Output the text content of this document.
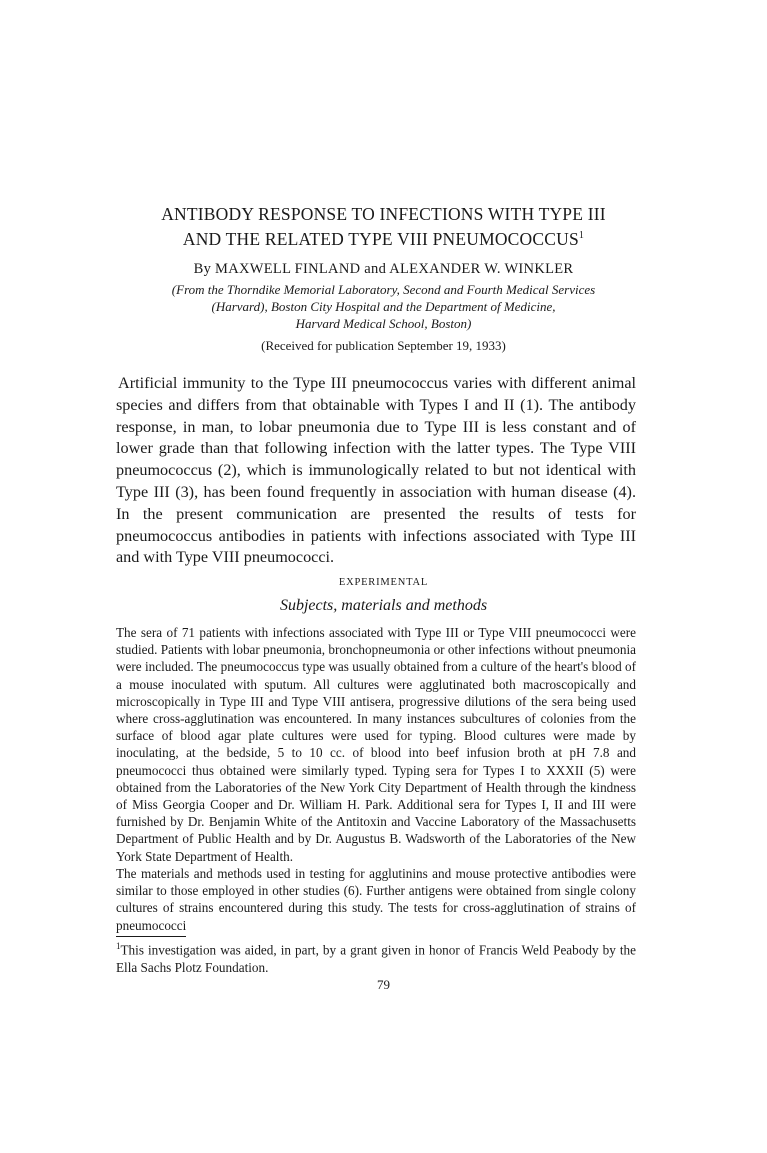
ANTIBODY RESPONSE TO INFECTIONS WITH TYPE III
AND THE RELATED TYPE VIII PNEUMOCOCCUS$^1$
By MAXWELL FINLAND and ALEXANDER W. WINKLER
(From the Thorndike Memorial Laboratory, Second and Fourth Medical Services
(Harvard), Boston City Hospital and the Department of Medicine,
Harvard Medical School, Boston)
(Received for publication September 19, 1933)

Artificial immunity to the Type III pneumococcus varies with different animal species and differs from that obtainable with Types I and II (1). The antibody response, in man, to lobar pneumonia due to Type III is less constant and of lower grade than that following infection with the latter types. The Type VIII pneumococcus (2), which is immunologically related to but not identical with Type III (3), has been found frequently in association with human disease (4). In the present communication are presented the results of tests for pneumococcus antibodies in patients with infections associated with Type III and with Type VIII pneumococci.

EXPERIMENTAL
Subjects, materials and methods

The sera of 71 patients with infections associated with Type III or Type VIII pneumococci were studied. Patients with lobar pneumonia, bronchopneumonia or other infections without pneumonia were included. The pneumococcus type was usually obtained from a culture of the heart's blood of a mouse inoculated with sputum. All cultures were agglutinated both macroscopically and microscopically in Type III and Type VIII antisera, progressive dilutions of the sera being used where cross-agglutination was encountered. In many instances subcultures of colonies from the surface of blood agar plate cultures were used for typing. Blood cultures were made by inoculating, at the bedside, 5 to 10 cc. of blood into beef infusion broth at pH 7.8 and pneumococci thus obtained were similarly typed. Typing sera for Types I to XXXII (5) were obtained from the Laboratories of the New York City Department of Health through the kindness of Miss Georgia Cooper and Dr. William H. Park. Additional sera for Types I, II and III were furnished by Dr. Benjamin White of the Antitoxin and Vaccine Laboratory of the Massachusetts Department of Public Health and by Dr. Augustus B. Wadsworth of the Laboratories of the New York State Department of Health.

The materials and methods used in testing for agglutinins and mouse protective antibodies were similar to those employed in other studies (6). Further antigens were obtained from single colony cultures of strains encountered during this study. The tests for cross-agglutination of strains of pneumococci

$^1$This investigation was aided, in part, by a grant given in honor of Francis Weld Peabody by the Ella Sachs Plotz Foundation.

79
